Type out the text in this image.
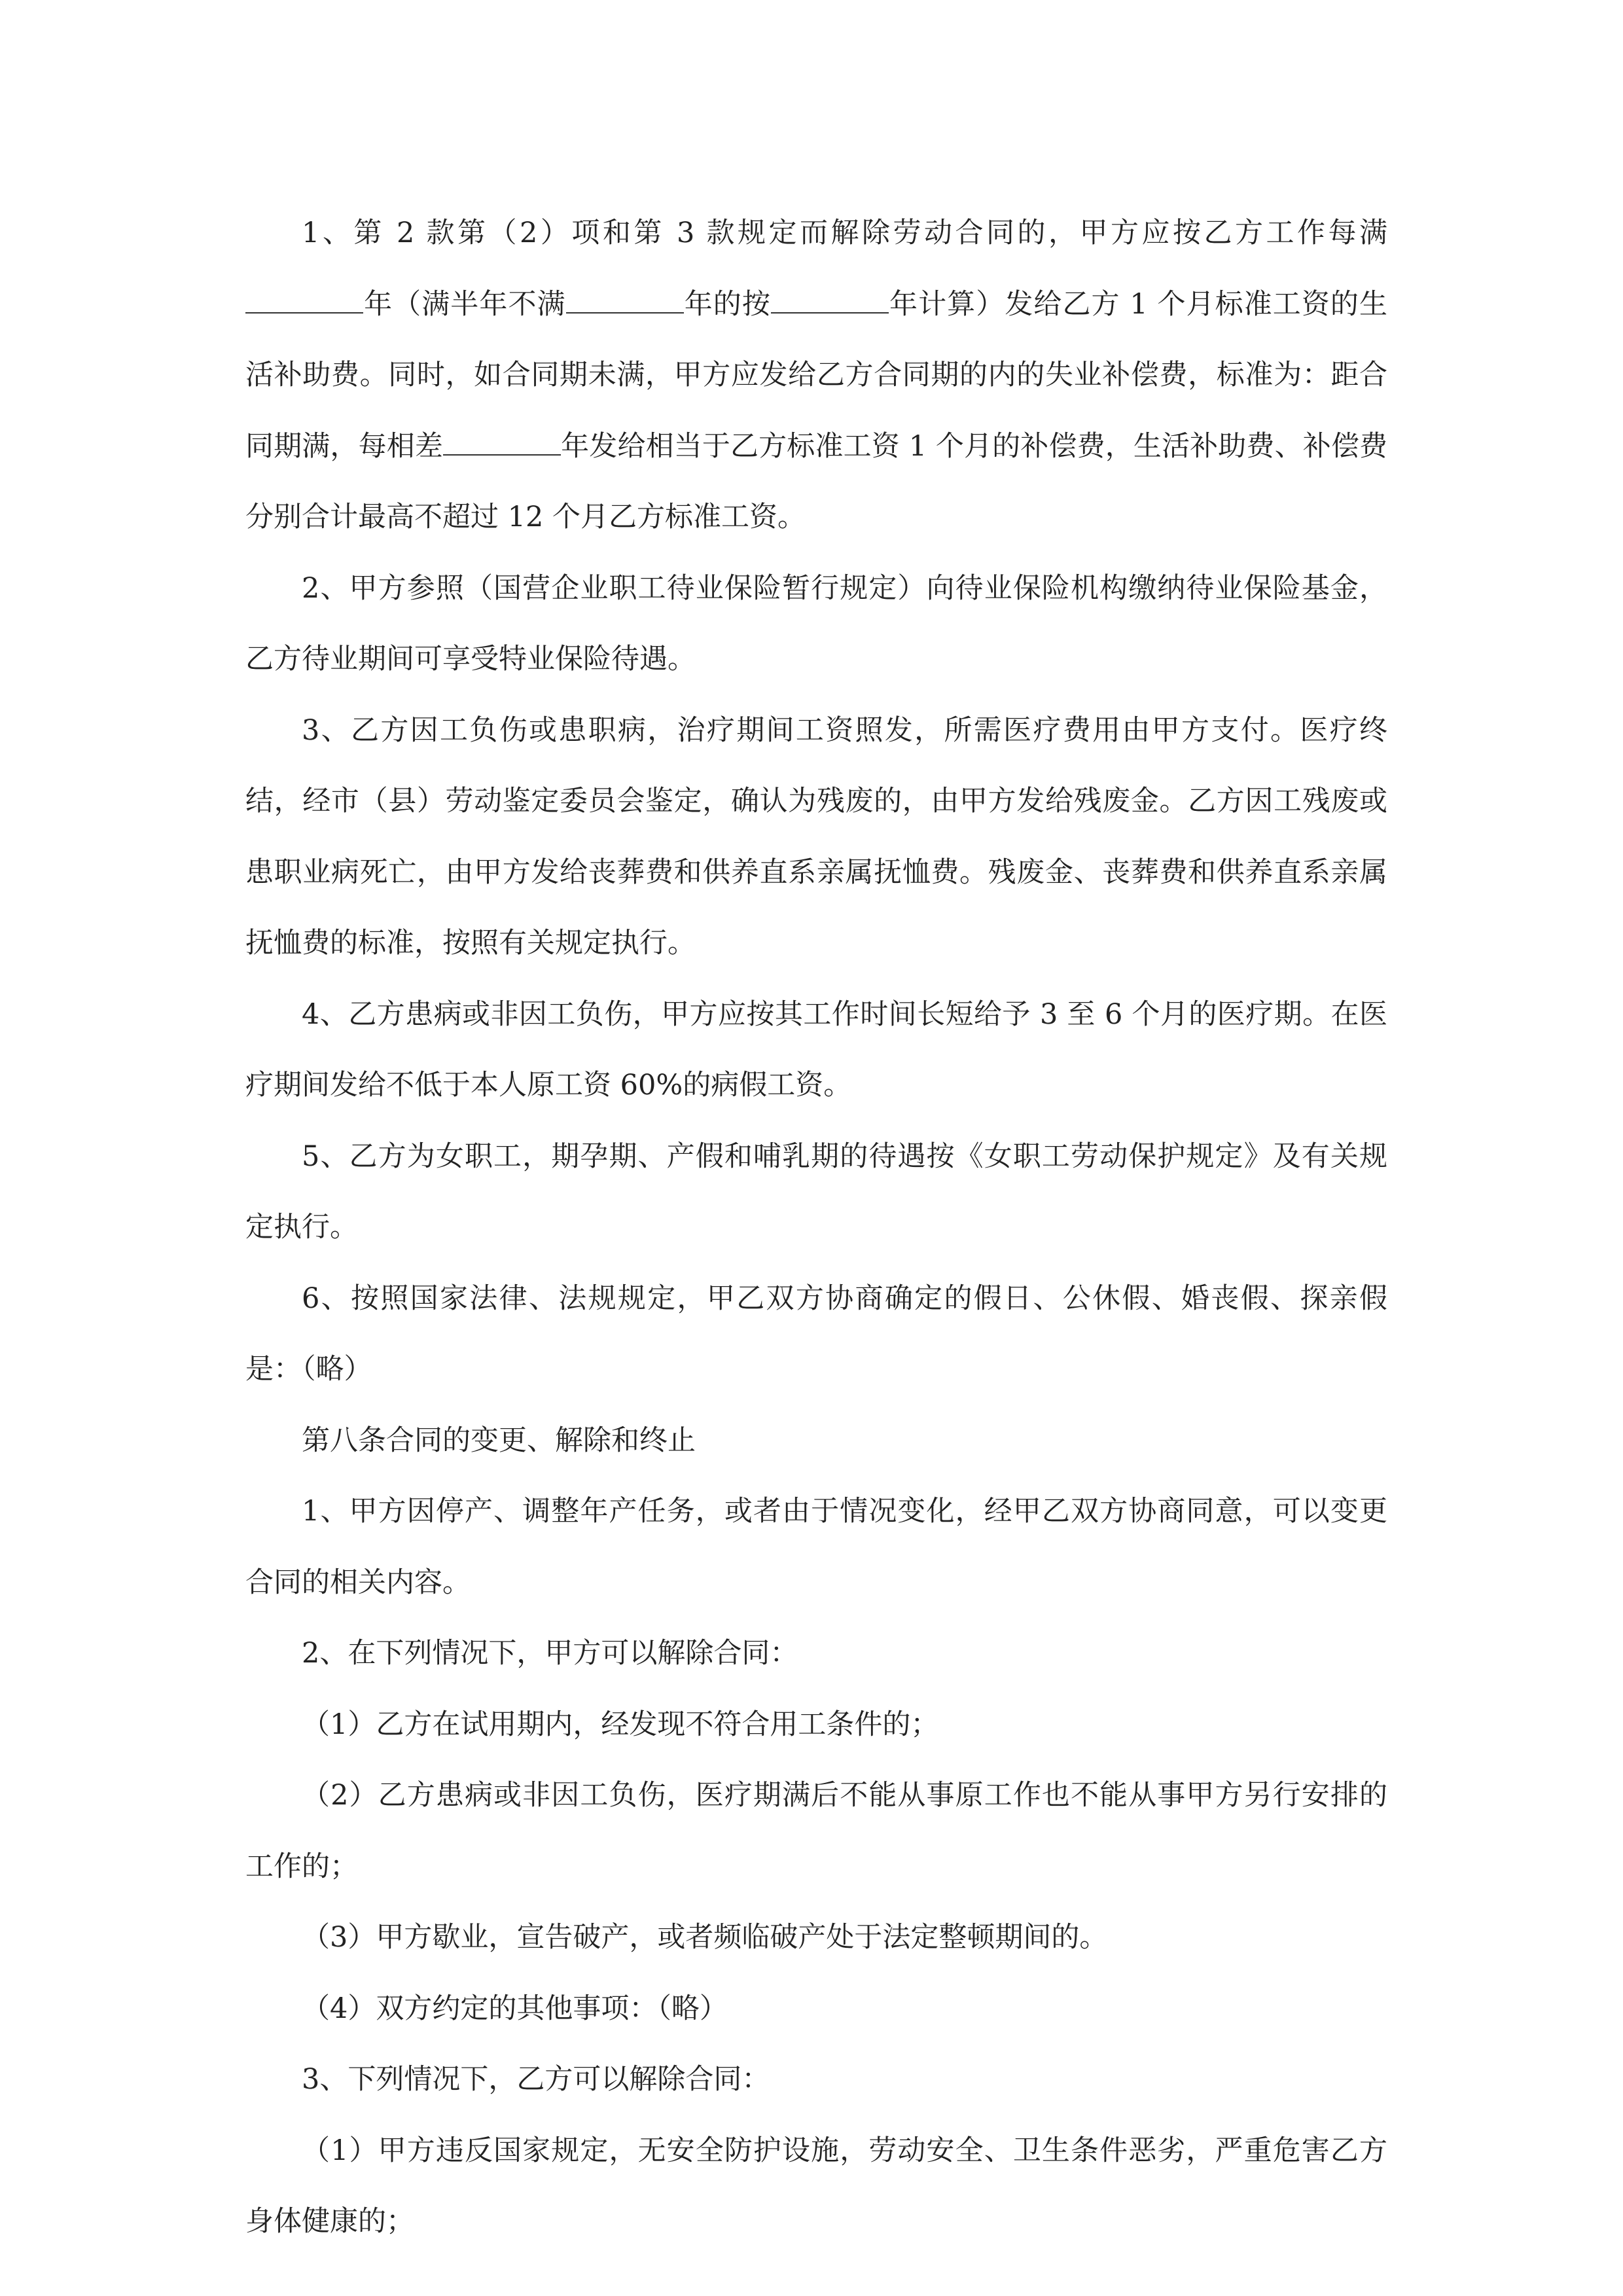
1、第 2 款第（2）项和第 3 款规定而解除劳动合同的，甲方应按乙方工作每满年（满半年不满	年的按	年计算）发给乙方 1 个月标准工资的生活补助费。同时，如合同期未满，甲方应发给乙方合同期的内的失业补偿费，标准为：距合同期满，每相差	年发给相当于乙方标准工资 1 个月的补偿费，生活补助费、补偿费分别合计最高不超过 12 个月乙方标准工资。

2、甲方参照（国营企业职工待业保险暂行规定）向待业保险机构缴纳待业保险基金，乙方待业期间可享受特业保险待遇。

3、乙方因工负伤或患职病，治疗期间工资照发，所需医疗费用由甲方支付。医疗终结，经市（县）劳动鉴定委员会鉴定，确认为残废的，由甲方发给残废金。乙方因工残废或患职业病死亡，由甲方发给丧葬费和供养直系亲属抚恤费。残废金、丧葬费和供养直系亲属抚恤费的标准，按照有关规定执行。

4、乙方患病或非因工负伤，甲方应按其工作时间长短给予 3 至 6 个月的医疗期。在医疗期间发给不低于本人原工资 60%的病假工资。

5、乙方为女职工，期孕期、产假和哺乳期的待遇按《女职工劳动保护规定》及有关规定执行。

6、按照国家法律、法规规定，甲乙双方协商确定的假日、公休假、婚丧假、探亲假是：（略）

第八条合同的变更、解除和终止

1、甲方因停产、调整年产任务，或者由于情况变化，经甲乙双方协商同意，可以变更合同的相关内容。

2、在下列情况下，甲方可以解除合同：

（1）乙方在试用期内，经发现不符合用工条件的；

（2）乙方患病或非因工负伤，医疗期满后不能从事原工作也不能从事甲方另行安排的工作的；

（3）甲方歇业，宣告破产，或者频临破产处于法定整顿期间的。

（4）双方约定的其他事项：（略）

3、下列情况下，乙方可以解除合同：

（1）甲方违反国家规定，无安全防护设施，劳动安全、卫生条件恶劣，严重危害乙方身体健康的；
